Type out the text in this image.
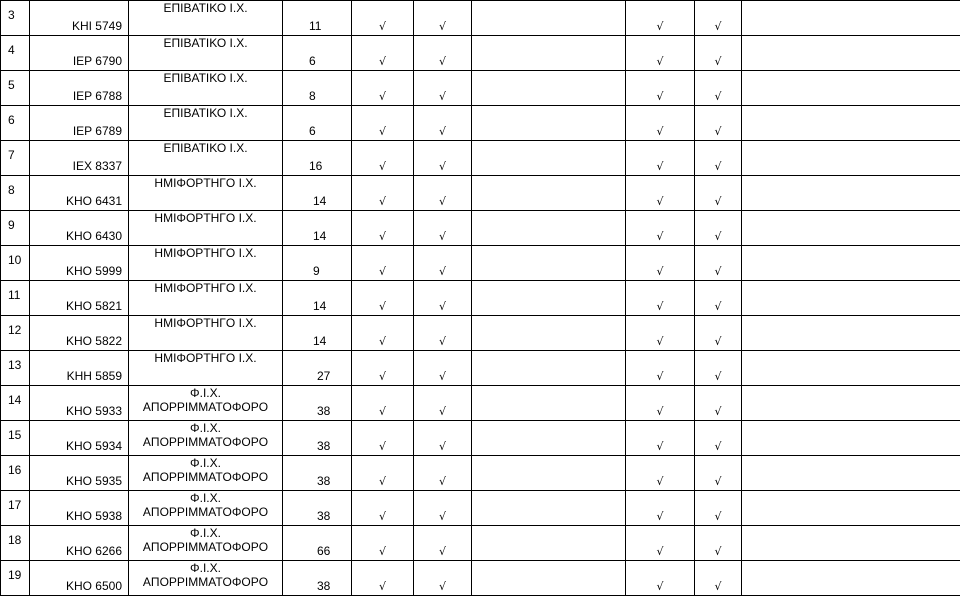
3	ΚΗΙ 5749	ΕΠΙΒΑΤΙΚΟ Ι.Χ.	11	√	√		√	√	

4	ΙΕΡ 6790	ΕΠΙΒΑΤΙΚΟ Ι.Χ.	6	√	√		√	√	

5	ΙΕΡ 6788	ΕΠΙΒΑΤΙΚΟ Ι.Χ.	8	√	√		√	√	

6	ΙΕΡ 6789	ΕΠΙΒΑΤΙΚΟ Ι.Χ.	6	√	√		√	√	

7	ΙΕΧ 8337	ΕΠΙΒΑΤΙΚΟ Ι.Χ.	16	√	√		√	√	

8	ΚΗΟ 6431	ΗΜΙΦΟΡΤΗΓΟ Ι.Χ.	14	√	√		√	√	

9	ΚΗΟ 6430	ΗΜΙΦΟΡΤΗΓΟ Ι.Χ.	14	√	√		√	√	

10	ΚΗΟ 5999	ΗΜΙΦΟΡΤΗΓΟ Ι.Χ.	9	√	√		√	√	

11	ΚΗΟ 5821	ΗΜΙΦΟΡΤΗΓΟ Ι.Χ.	14	√	√		√	√	

12	ΚΗΟ 5822	ΗΜΙΦΟΡΤΗΓΟ Ι.Χ.	14	√	√		√	√	

13	ΚΗΗ 5859	ΗΜΙΦΟΡΤΗΓΟ Ι.Χ.	27	√	√		√	√	

14	ΚΗΟ 5933	Φ.Ι.Χ.
ΑΠΟΡΡΙΜΜΑΤΟΦΟΡΟ	38	√	√		√	√	

15	ΚΗΟ 5934	Φ.Ι.Χ.
ΑΠΟΡΡΙΜΜΑΤΟΦΟΡΟ	38	√	√		√	√	

16	ΚΗΟ 5935	Φ.Ι.Χ.
ΑΠΟΡΡΙΜΜΑΤΟΦΟΡΟ	38	√	√		√	√	

17	ΚΗΟ 5938	Φ.Ι.Χ.
ΑΠΟΡΡΙΜΜΑΤΟΦΟΡΟ	38	√	√		√	√	

18	ΚΗΟ 6266	Φ.Ι.Χ.
ΑΠΟΡΡΙΜΜΑΤΟΦΟΡΟ	66	√	√		√	√	

19	ΚΗΟ 6500	Φ.Ι.Χ.
ΑΠΟΡΡΙΜΜΑΤΟΦΟΡΟ	38	√	√		√	√	
